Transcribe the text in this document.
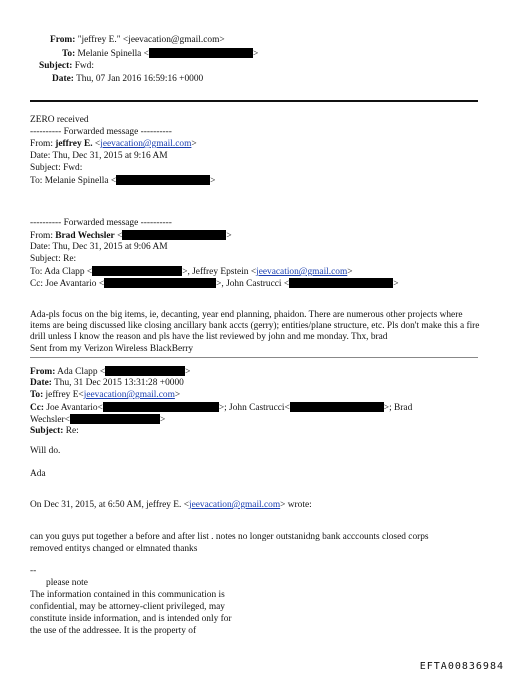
From: "jeffrey E." <jeevacation@gmail.com>
To: Melanie Spinella <	>
Subject: Fwd:
Date: Thu, 07 Jan 2016 16:59:16 +0000
ZERO received
---------- Forwarded message ----------
From: jeffrey E. <jeevacation@gmail.com>
Date: Thu, Dec 31, 2015 at 9:16 AM
Subject: Fwd:
To: Melanie Spinella <	>
---------- Forwarded message ----------
From: Brad Wechsler <	>
Date: Thu, Dec 31, 2015 at 9:06 AM
Subject: Re:
To: Ada Clapp <	>, Jeffrey Epstein <jeevacation@gmail.com>
Cc: Joe Avantario <	>, John Castrucci <	>
Ada-pls focus on the big items, ie, decanting, year end planning, phaidon. There are numerous other projects where items are being discussed like closing ancillary bank accts (gerry); entities/plane structure, etc. Pls don't make this a fire drill unless I know the reason and pls have the list reviewed by john and me monday. Thx, brad
Sent from my Verizon Wireless BlackBerry
From: Ada Clapp <	>
Date: Thu, 31 Dec 2015 13:31:28 +0000
To: jeffrey E<jeevacation@gmail.com>
Cc: Joe Avantario<	>; John Castrucci<	>; Brad
Wechsler<	>
Subject: Re:
Will do.
Ada
On Dec 31, 2015, at 6:50 AM, jeffrey E. <jeevacation@gmail.com> wrote:
can you guys put together a before and after list . notes no longer outstanidng bank acccounts closed corps
removed entitys changed or elmnated thanks
--
please note
The information contained in this communication is
confidential, may be attorney-client privileged, may
constitute inside information, and is intended only for
the use of the addressee. It is the property of
EFTA00836984
